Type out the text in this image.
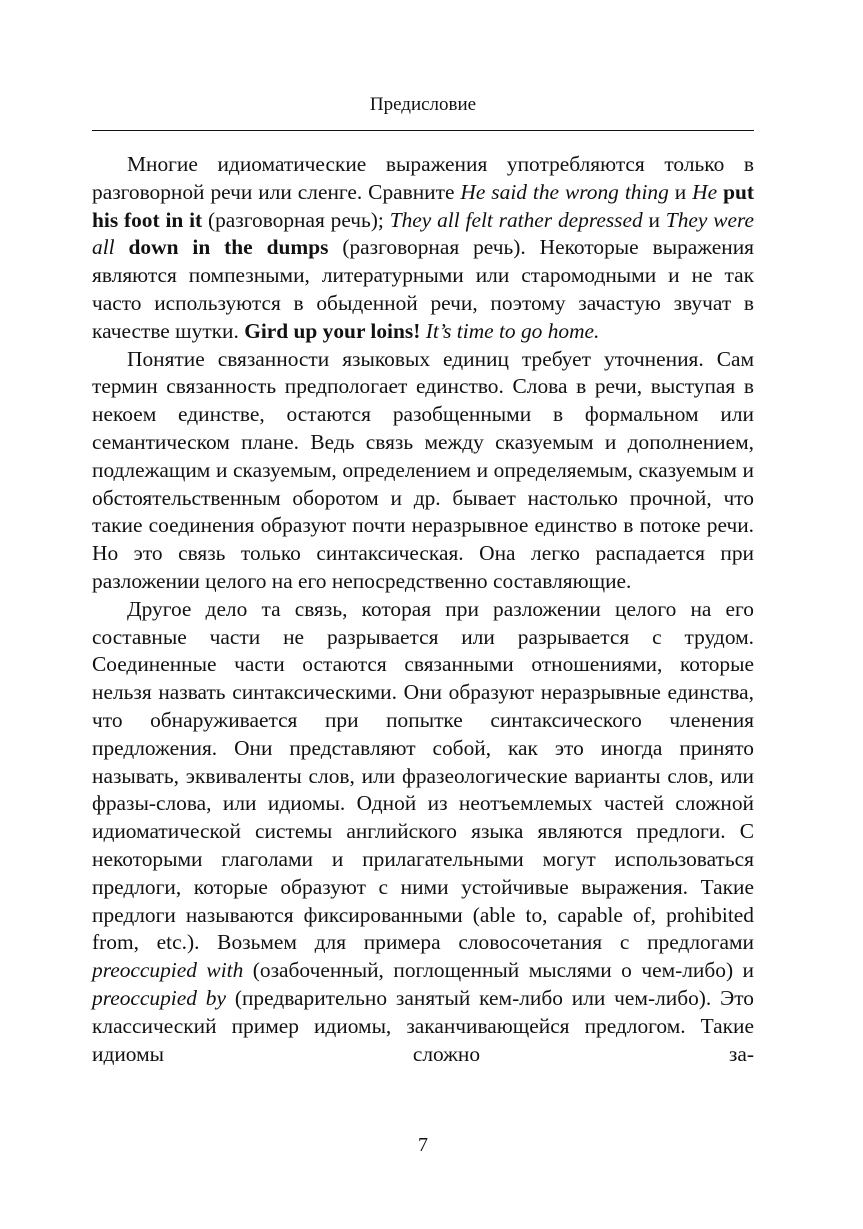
Предисловие

Многие идиоматические выражения употребляются только в разговорной речи или сленге. Сравните He said the wrong thing и He put his foot in it (разговорная речь); They all felt rather depressed и They were all down in the dumps (разговорная речь). Некоторые выражения являются помпезными, литературными или старомодными и не так часто используются в обыденной речи, поэтому зачастую звучат в качестве шутки. Gird up your loins! It’s time to go home.

Понятие связанности языковых единиц требует уточнения. Сам термин связанность предпологает единство. Слова в речи, выступая в некоем единстве, остаются разобщенными в формальном или семантическом плане. Ведь связь между сказуемым и дополнением, подлежащим и сказуемым, определением и определяемым, сказуемым и обстоятельственным оборотом и др. бывает настолько прочной, что такие соединения образуют почти неразрывное единство в потоке речи. Но это связь только синтаксическая. Она легко распадается при разложении целого на его непосредственно составляющие.

Другое дело та связь, которая при разложении целого на его составные части не разрывается или разрывается с трудом. Соединенные части остаются связанными отношениями, которые нельзя назвать синтаксическими. Они образуют неразрывные единства, что обнаруживается при попытке синтаксического членения предложения. Они представляют собой, как это иногда принято называть, эквиваленты слов, или фразеологические варианты слов, или фразы-слова, или идиомы. Одной из неотъемлемых частей сложной идиоматической системы английского языка являются предлоги. С некоторыми глаголами и прилагательными могут использоваться предлоги, которые образуют с ними устойчивые выражения. Такие предлоги называются фиксированными (able to, capable of, prohibited from, etc.). Возьмем для примера словосочетания с предлогами preoccupied with (озабоченный, поглощенный мыслями о чем-либо) и preoccupied by (предварительно занятый кем-либо или чем-либо). Это классический пример идиомы, заканчивающейся предлогом. Такие идиомы сложно за-

7
